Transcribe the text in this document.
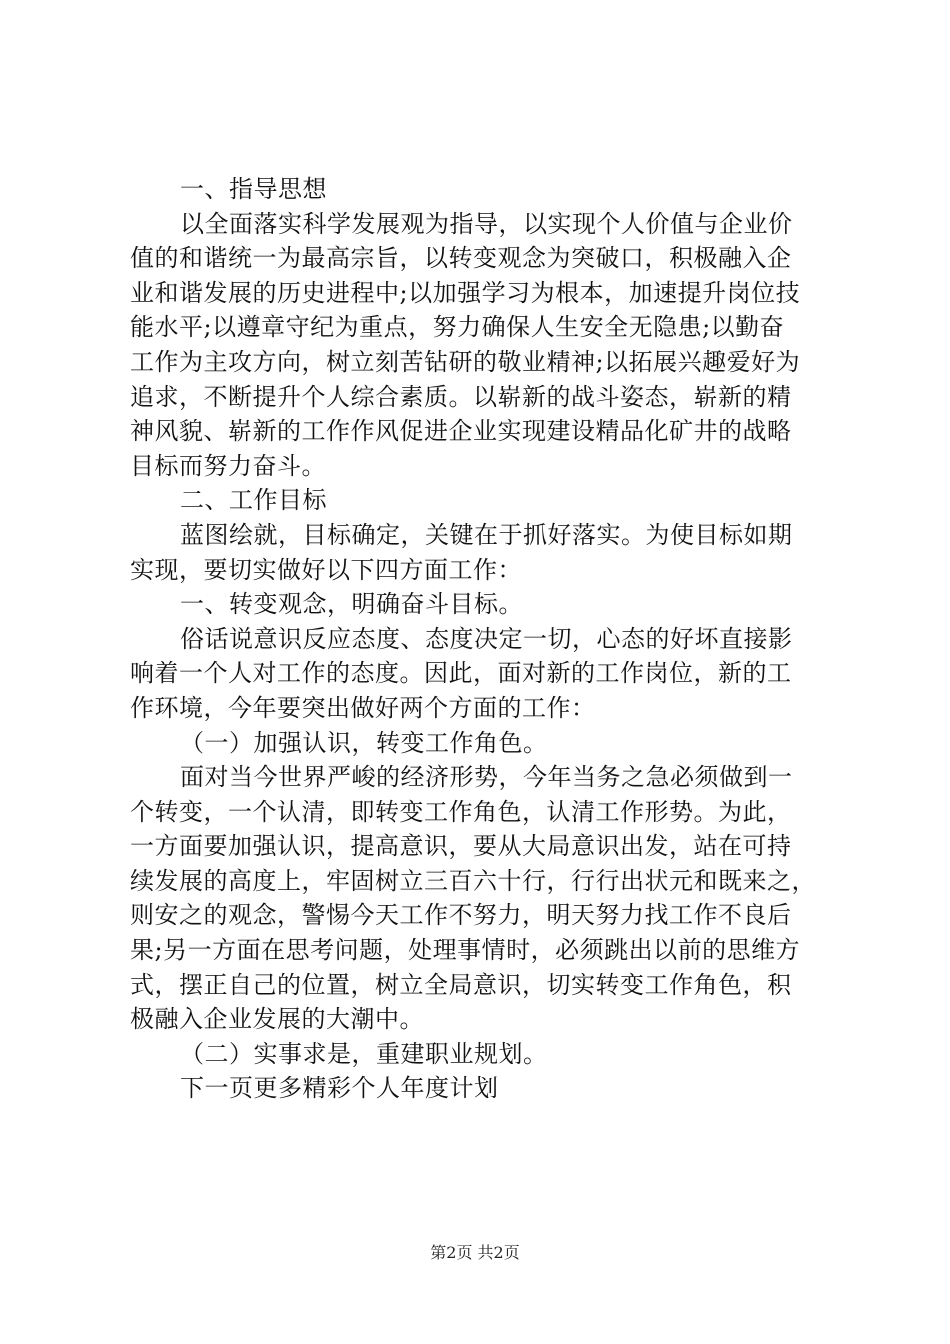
一、指导思想
以全面落实科学发展观为指导，以实现个人价值与企业价
值的和谐统一为最高宗旨，以转变观念为突破口，积极融入企
业和谐发展的历史进程中;以加强学习为根本，加速提升岗位技
能水平;以遵章守纪为重点，努力确保人生安全无隐患;以勤奋
工作为主攻方向，树立刻苦钻研的敬业精神;以拓展兴趣爱好为
追求，不断提升个人综合素质。以崭新的战斗姿态，崭新的精
神风貌、崭新的工作作风促进企业实现建设精品化矿井的战略
目标而努力奋斗。
二、工作目标
蓝图绘就，目标确定，关键在于抓好落实。为使目标如期
实现，要切实做好以下四方面工作：
一、转变观念，明确奋斗目标。
俗话说意识反应态度、态度决定一切，心态的好坏直接影
响着一个人对工作的态度。因此，面对新的工作岗位，新的工
作环境，今年要突出做好两个方面的工作：
（一）加强认识，转变工作角色。
面对当今世界严峻的经济形势，今年当务之急必须做到一
个转变，一个认清，即转变工作角色，认清工作形势。为此，
一方面要加强认识，提高意识，要从大局意识出发，站在可持
续发展的高度上，牢固树立三百六十行，行行出状元和既来之，
则安之的观念，警惕今天工作不努力，明天努力找工作不良后
果;另一方面在思考问题，处理事情时，必须跳出以前的思维方
式，摆正自己的位置，树立全局意识，切实转变工作角色，积
极融入企业发展的大潮中。
（二）实事求是，重建职业规划。
下一页更多精彩个人年度计划
第2页 共2页
